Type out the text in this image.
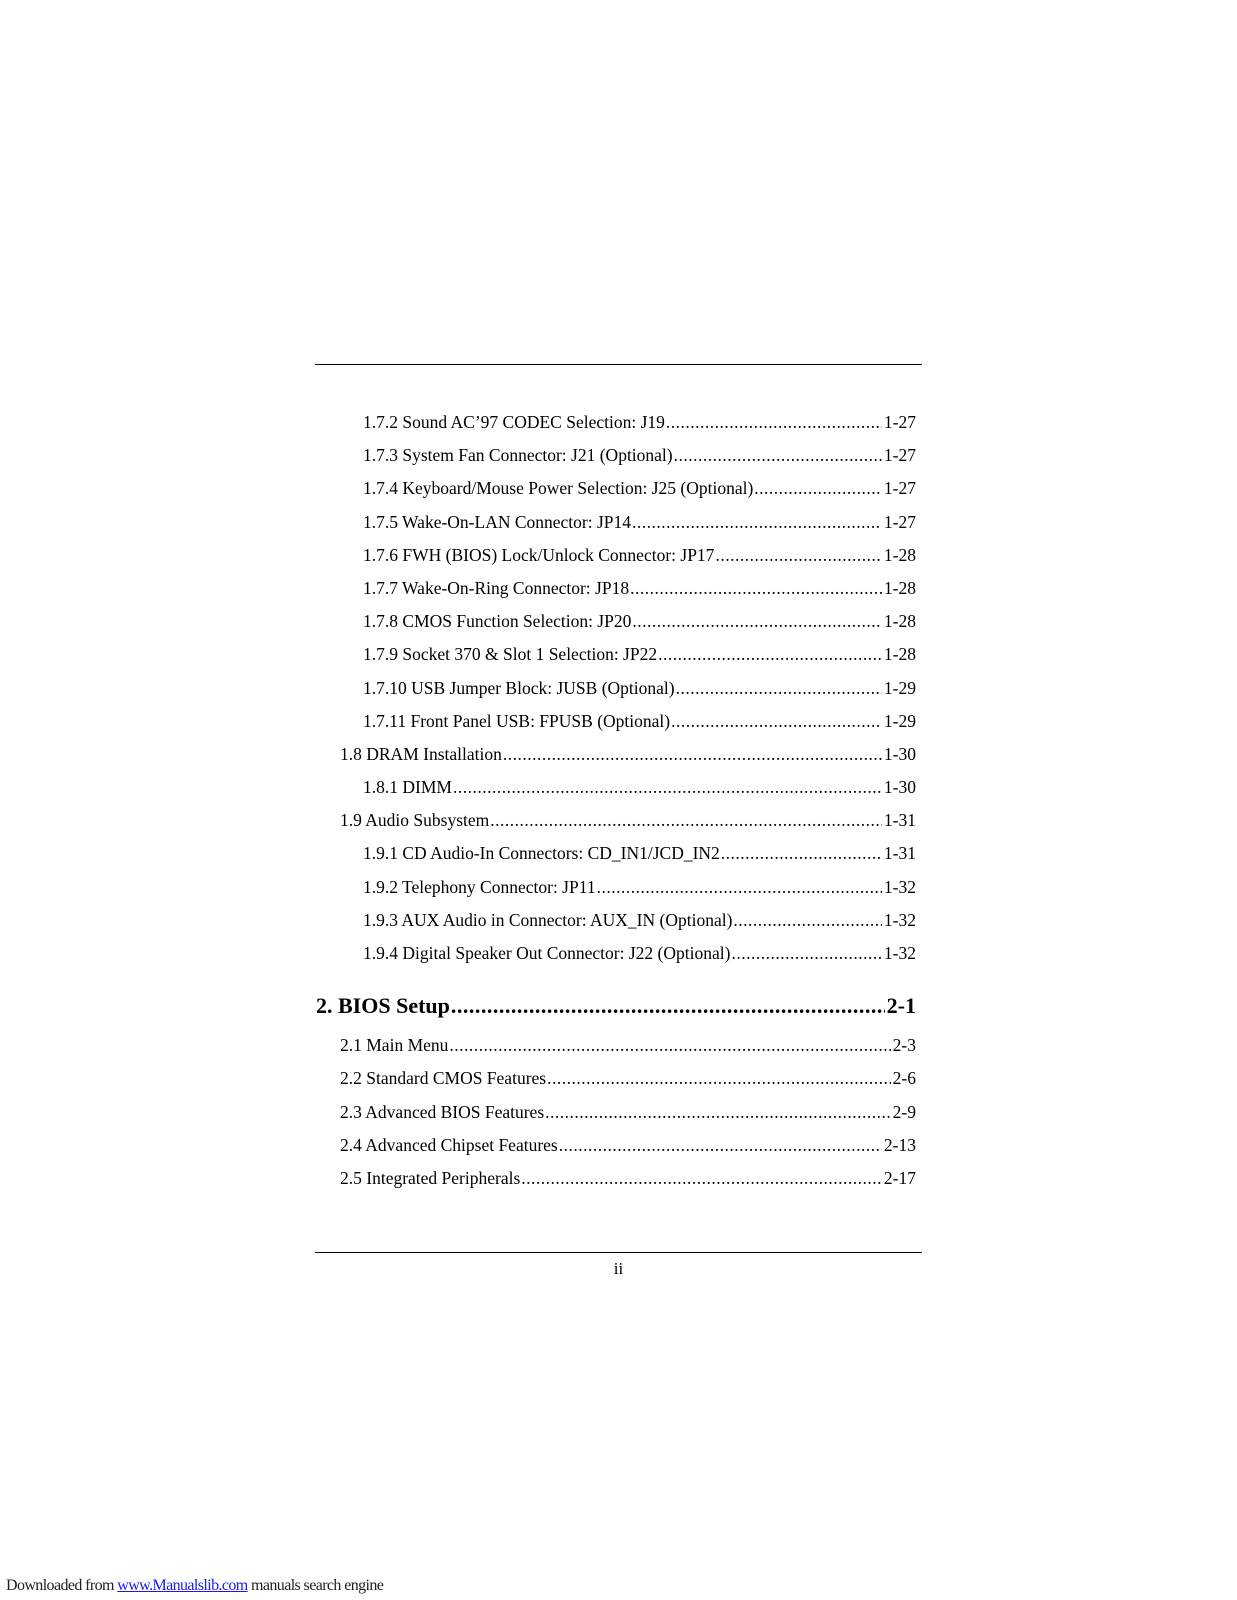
1.7.2 Sound AC’97 CODEC Selection: J19 .....	1-27
1.7.3 System Fan Connector: J21 (Optional) .....	1-27
1.7.4 Keyboard/Mouse Power Selection: J25 (Optional) .....	1-27
1.7.5 Wake-On-LAN Connector: JP14 .....	1-27
1.7.6 FWH (BIOS) Lock/Unlock Connector: JP17 .....	1-28
1.7.7 Wake-On-Ring Connector: JP18 .....	1-28
1.7.8 CMOS Function Selection: JP20 .....	1-28
1.7.9 Socket 370 & Slot 1 Selection: JP22 .....	1-28
1.7.10 USB Jumper Block: JUSB (Optional) .....	1-29
1.7.11 Front Panel USB: FPUSB (Optional) .....	1-29
1.8 DRAM Installation .....	1-30
1.8.1 DIMM .....	1-30
1.9 Audio Subsystem .....	1-31
1.9.1 CD Audio-In Connectors: CD_IN1/JCD_IN2 .....	1-31
1.9.2 Telephony Connector: JP11 .....	1-32
1.9.3 AUX Audio in Connector: AUX_IN (Optional) .....	1-32
1.9.4 Digital Speaker Out Connector: J22 (Optional) .....	1-32
2. BIOS Setup .....	2-1
2.1 Main Menu .....	2-3
2.2 Standard CMOS Features .....	2-6
2.3 Advanced BIOS Features .....	2-9
2.4 Advanced Chipset Features .....	2-13
2.5 Integrated Peripherals .....	2-17
ii
Downloaded from www.Manualslib.com manuals search engine
